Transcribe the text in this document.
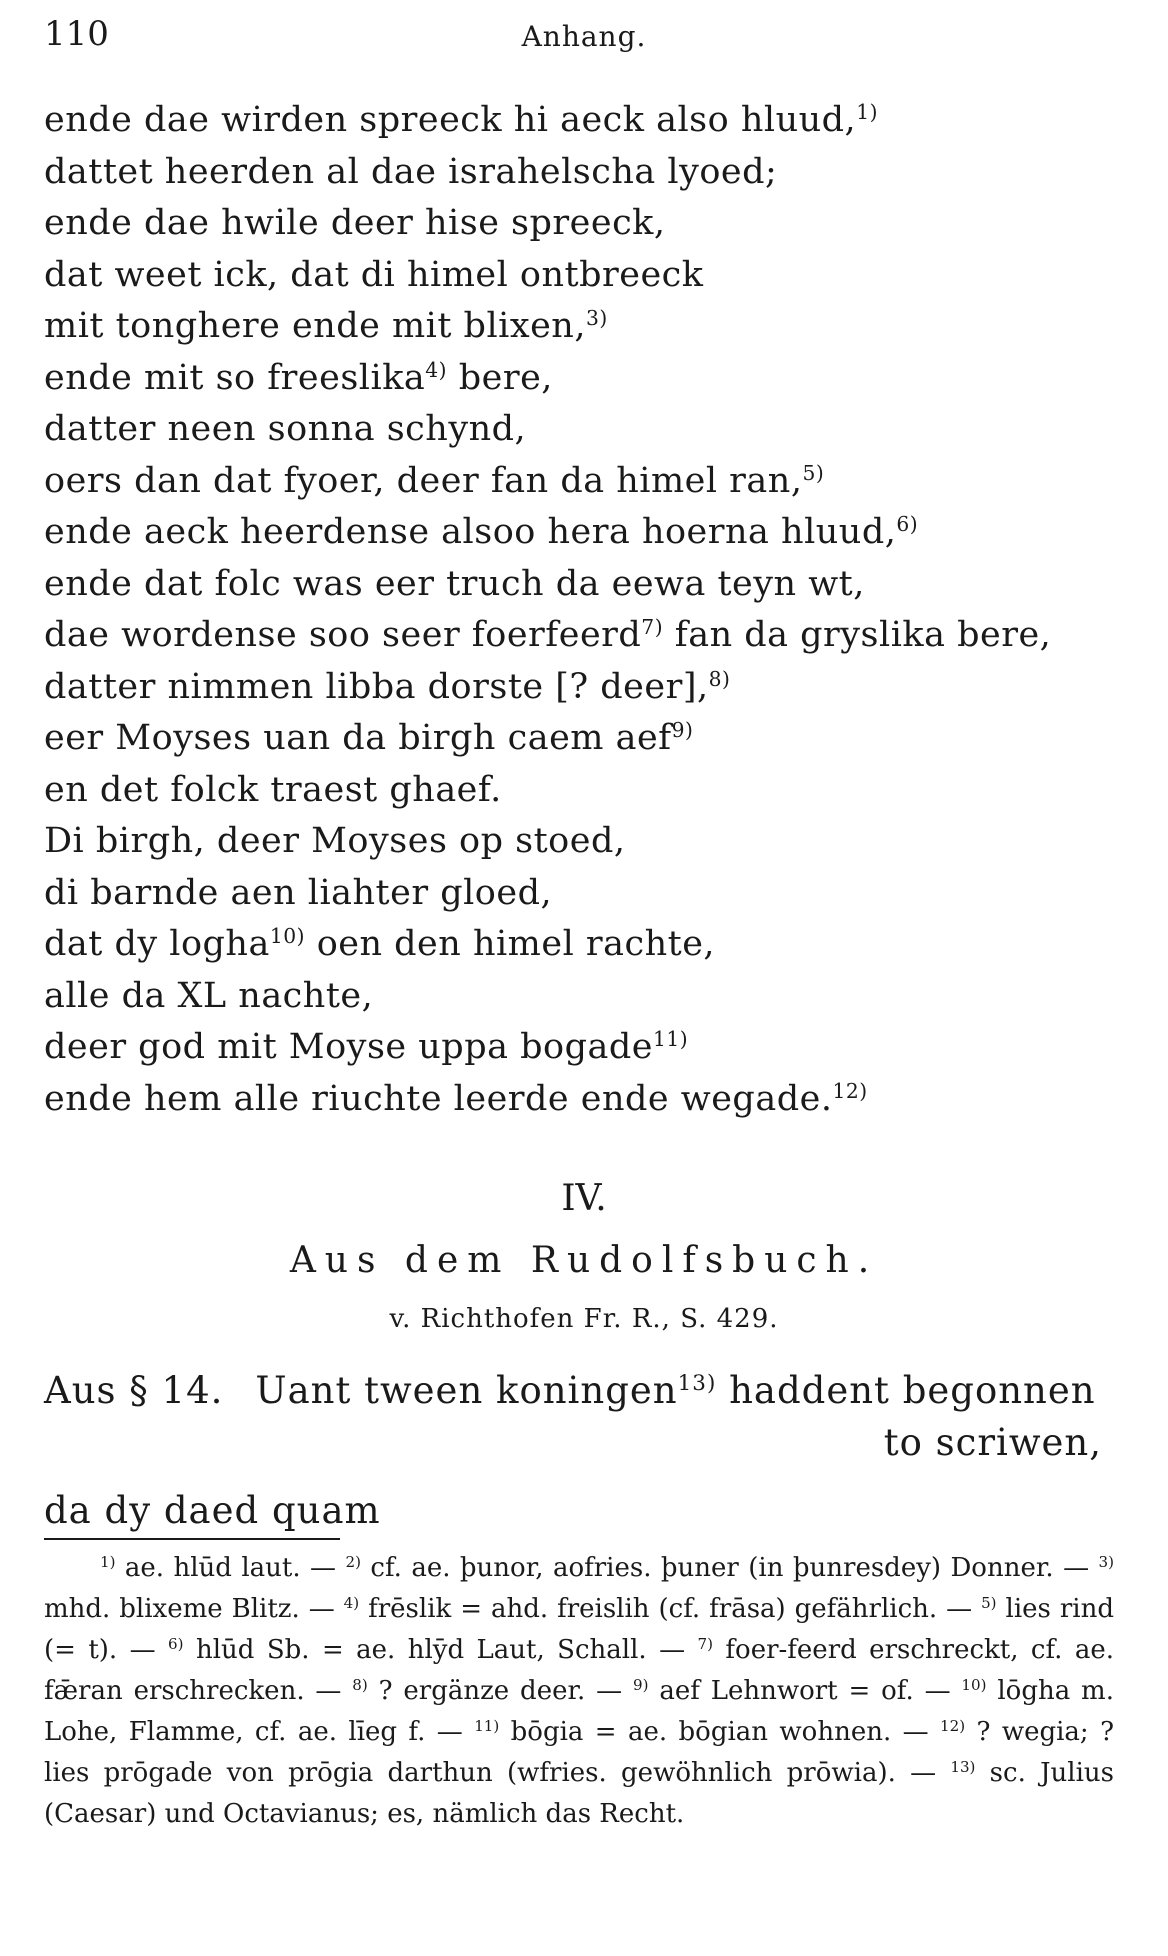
110	Anhang.
ende dae wirden spreeck hi aeck also hluud,$^{1)}$
dattet heerden al dae israhelscha lyoed;
ende dae hwile deer hise spreeck,
dat weet ick, dat di himel ontbreeck
mit tonghere ende mit blixen,$^{3)}$
ende mit so freeslika$^{4)}$ bere,
datter neen sonna schynd,
oers dan dat fyoer, deer fan da himel ran,$^{5)}$
ende aeck heerdense alsoo hera hoerna hluud,$^{6)}$
ende dat folc was eer truch da eewa teyn wt,
dae wordense soo seer foerfeerd$^{7)}$ fan da gryslika bere,
datter nimmen libba dorste [? deer],$^{8)}$
eer Moyses uan da birgh caem aef$^{9)}$
en det folck traest ghaef.
Di birgh, deer Moyses op stoed,
di barnde aen liahter gloed,
dat dy logha$^{10)}$ oen den himel rachte,
alle da XL nachte,
deer god mit Moyse uppa bogade$^{11)}$
ende hem alle riuchte leerde ende wegade.$^{12)}$
IV.
Aus dem Rudolfsbuch.
v. Richthofen Fr. R., S. 429.
Aus § 14. Uant tween koningen$^{13)}$ haddent begonnen
to scriwen,
da dy daed quam
$^{1)}$ ae. hlūd laut. — $^{2)}$ cf. ae. þunor, aofries. þuner (in þunresdey) Donner. — $^{3)}$ mhd. blixeme Blitz. — $^{4)}$ frēslik = ahd. freislih (cf. frāsa) gefährlich. — $^{5)}$ lies rind (= t). — $^{6)}$ hlūd Sb. = ae. hlȳd Laut, Schall. — $^{7)}$ foer-feerd erschreckt, cf. ae. fǣran erschrecken. — $^{8)}$ ? ergänze deer. — $^{9)}$ aef Lehnwort = of. — $^{10)}$ lōgha m. Lohe, Flamme, cf. ae. līeg f. — $^{11)}$ bōgia = ae. bōgian wohnen. — $^{12)}$ ? wegia; ? lies prōgade von prōgia darthun (wfries. gewöhnlich prōwia). — $^{13)}$ sc. Julius (Caesar) und Octavianus; es, nämlich das Recht.
